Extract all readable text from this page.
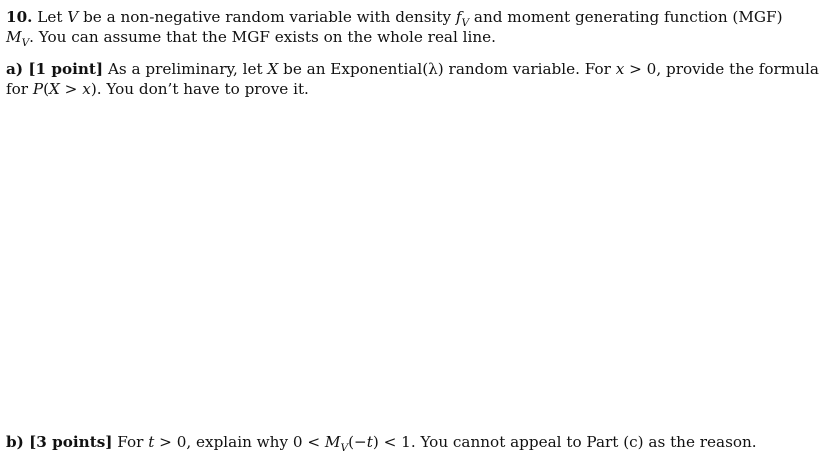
10. Let V be a non-negative random variable with density $f_V$ and moment generating function (MGF)
$M_V$. You can assume that the MGF exists on the whole real line.
a) [1 point] As a preliminary, let X be an Exponential(λ) random variable. For x > 0, provide the formula
for P(X > x). You don’t have to prove it.
b) [3 points] For t > 0, explain why $0 < M_V(-t) < 1$. You cannot appeal to Part (c) as the reason.
